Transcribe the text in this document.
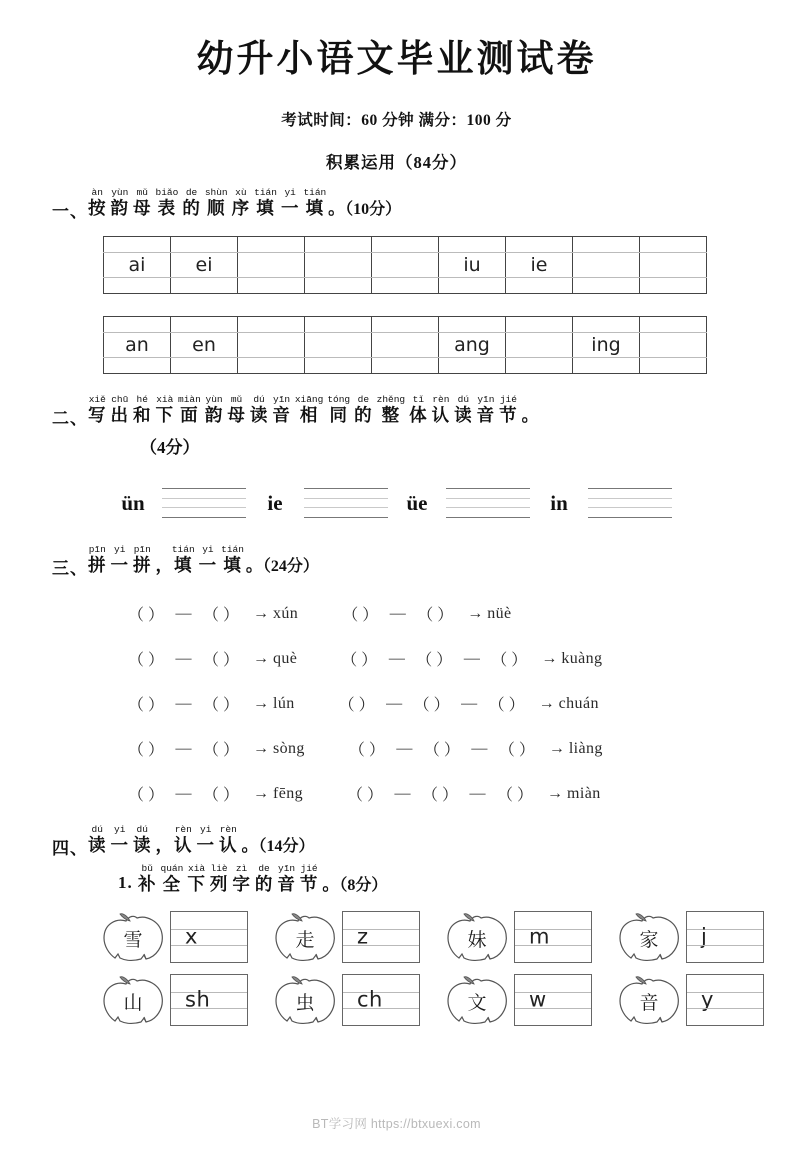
幼升小语文毕业测试卷
考试时间：60 分钟 满分：100 分
积累运用（84分）
一、 按àn韵yùn母mǔ表biǎo的de顺shùn序xù填tián一yi填tián。（10分）

ai	ei				iu	ie		

an	en				ang		ing	

二、 写xiě出chū和hé下xià面miàn韵yùn母mǔ读dú音yīn相xiāng同tóng的de整zhěng体tǐ认rèn读dú音yīn节jié。
（4分）
ün	ie	üe	in
三、 拼pīn一yi拼pīn，填tián一yi填tián。（24分）
（ ） — （ ） → xún	（ ） — （ ） → nüè
（ ） — （ ） → què	（ ） — （ ） — （ ） → kuàng
（ ） — （ ） → lún	（ ） — （ ） — （ ） → chuán
（ ） — （ ） → sòng	（ ） — （ ） — （ ） → liàng
（ ） — （ ） → fēng	（ ） — （ ） — （ ） → miàn
四、 读dú一yi读dú，认rèn一yi认rèn。（14分）
1. 补bǔ全quán下xià列liè字zì的de音yīn节jié。（8分）
雪	x	走	z	妹	m	家	j
山	sh	虫	ch	文	w	音	y
BT学习网 https://btxuexi.com
